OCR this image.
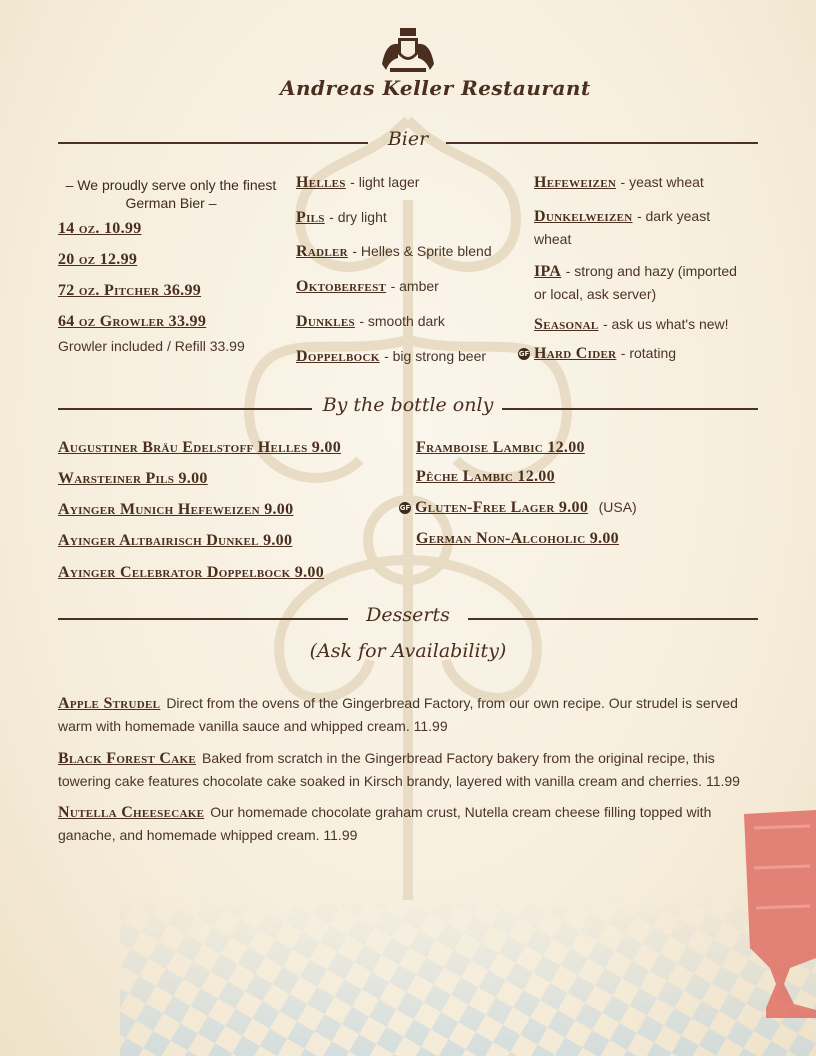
Andreas Keller Restaurant
Bier
– We proudly serve only the finest German Bier –
14 oz. 10.99
20 oz 12.99
72 oz. Pitcher 36.99
64 oz Growler 33.99
Growler included / Refill 33.99
Helles - light lager
Pils - dry light
Radler - Helles & Sprite blend
Oktoberfest - amber
Dunkles - smooth dark
Doppelbock - big strong beer
Hefeweizen - yeast wheat
Dunkelweizen - dark yeast wheat
IPA - strong and hazy (imported or local, ask server)
Seasonal - ask us what's new!
GF Hard Cider - rotating
By the bottle only
Augustiner Bräu Edelstoff Helles 9.00
Warsteiner Pils 9.00
Ayinger Munich Hefeweizen 9.00
Ayinger Altbairisch Dunkel 9.00
Ayinger Celebrator Doppelbock 9.00
Framboise Lambic 12.00
Pêche Lambic 12.00
GF Gluten-Free Lager 9.00 (USA)
German Non-Alcoholic 9.00
Desserts
(Ask for Availability)
Apple Strudel Direct from the ovens of the Gingerbread Factory, from our own recipe. Our strudel is served warm with homemade vanilla sauce and whipped cream. 11.99
Black Forest Cake Baked from scratch in the Gingerbread Factory bakery from the original recipe, this towering cake features chocolate cake soaked in Kirsch brandy, layered with vanilla cream and cherries. 11.99
Nutella Cheesecake Our homemade chocolate graham crust, Nutella cream cheese filling topped with ganache, and homemade whipped cream. 11.99
